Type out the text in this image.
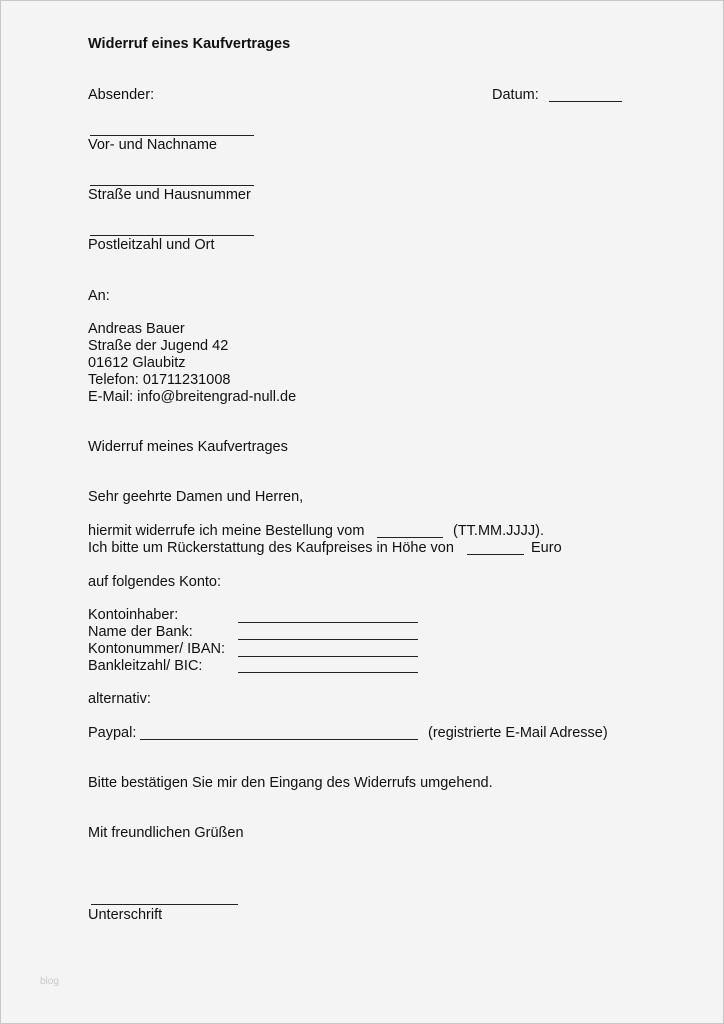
Widerruf eines Kaufvertrages
Absender:	Datum:
Vor- und Nachname
Straße und Hausnummer
Postleitzahl und Ort
An:
Andreas Bauer
Straße der Jugend 42
01612 Glaubitz
Telefon: 01711231008
E-Mail: info@breitengrad-null.de
Widerruf meines Kaufvertrages
Sehr geehrte Damen und Herren,
hiermit widerrufe ich meine Bestellung vom	(TT.MM.JJJJ).
Ich bitte um Rückerstattung des Kaufpreises in Höhe von	Euro
auf folgendes Konto:
Kontoinhaber:
Name der Bank:
Kontonummer/ IBAN:
Bankleitzahl/ BIC:
alternativ:
Paypal:	(registrierte E-Mail Adresse)
Bitte bestätigen Sie mir den Eingang des Widerrufs umgehend.
Mit freundlichen Grüßen
Unterschrift
blog
